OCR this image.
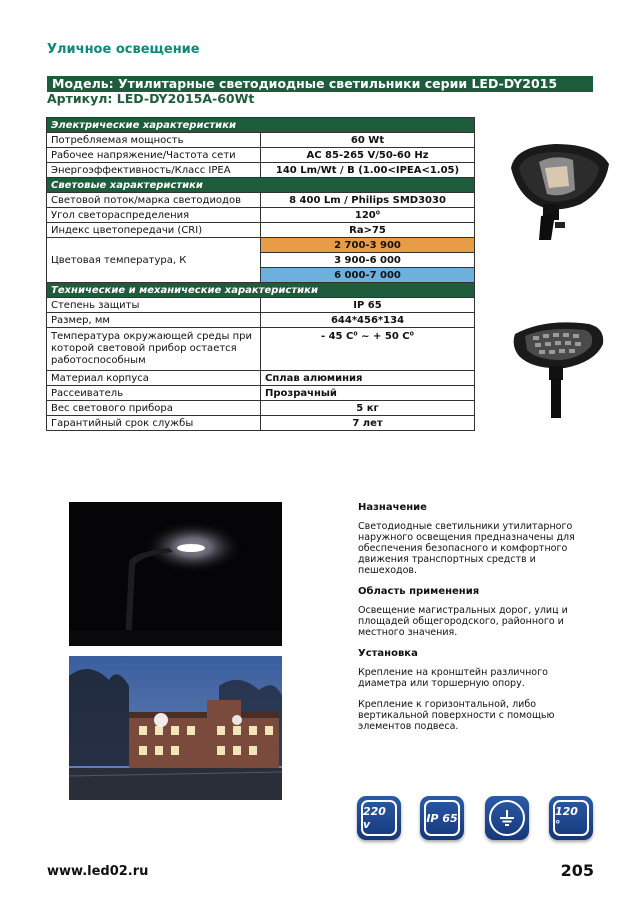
Уличное освещение
Модель: Утилитарные светодиодные светильники серии LED-DY2015
Артикул: LED-DY2015A-60Wt
Электрические характеристики	
Потребляемая мощность	60 Wt
Рабочее напряжение/Частота сети	AC 85-265 V/50-60 Hz
Энергоэффективность/Класс IPEA	140 Lm/Wt / B (1.00<IPEA<1.05)
Световые характеристики	
Световой поток/марка светодиодов	8 400 Lm / Philips SMD3030
Угол светораспределения	120⁰
Индекс цветопередачи (CRI)	Ra>75
Цветовая температура, К	2 700-3 900
	3 900-6 000
	6 000-7 000
Технические и механические характеристики	
Степень защиты	IP 65
Размер, мм	644*456*134
Температура окружающей среды при которой световой прибор остается работоспособным	- 45 С⁰ ~ + 50 С⁰
Материал корпуса	Сплав алюминия
Рассеиватель	Прозрачный
Вес светового прибора	5 кг
Гарантийный срок службы	7 лет
Назначение

Светодиодные светильники утилитарного наружного освещения предназначены для обеспечения безопасного и комфортного движения транспортных средств и пешеходов.

Область применения

Освещение магистральных дорог, улиц и площадей общегородского, районного и местного значения.

Установка

Крепление на кронштейн различного диаметра или торшерную опору.

Крепление к горизонтальной, либо вертикальной поверхности с помощью элементов подвеса.

220 v	IP 65	120 °
www.led02.ru	205
